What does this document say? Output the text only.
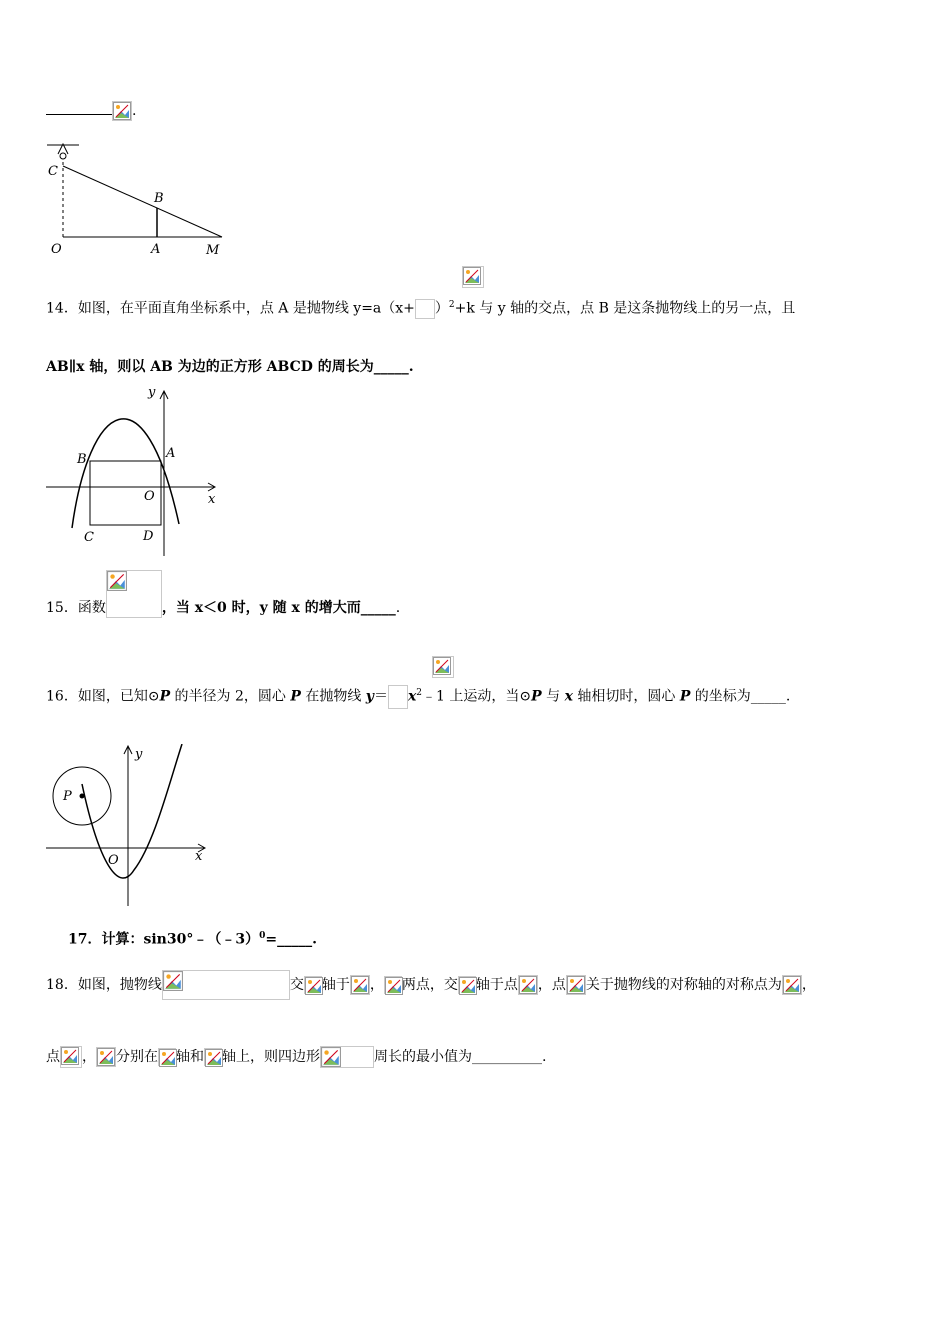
.
C
B
O	A	M
14．如图，在平面直角坐标系中，点 A 是抛物线 $y=a(x+ )^2+k$ 与 y 轴的交点，点 B 是这条抛物线上的另一点，且
AB∥x 轴，则以 AB 为边的正方形 ABCD 的周长为_____.
y
B	A
O	x
C	D
15．函数	，当 x＜0 时，y 随 x 的增大而_____.
16．如图，已知⊙P 的半径为 2，圆心 P 在抛物线 $y= x^2﹣1$ 上运动，当⊙P 与 x 轴相切时，圆心 P 的坐标为_____.
y
P
O	x
17．计算：sin30°﹣（﹣3）$^0$=_____.
18．如图，抛物线	交 轴于 ， 两点，交 轴于点 ，点 关于抛物线的对称轴的对称点为 ，
点 ， 分别在 轴和 轴上，则四边形	周长的最小值为__________.
